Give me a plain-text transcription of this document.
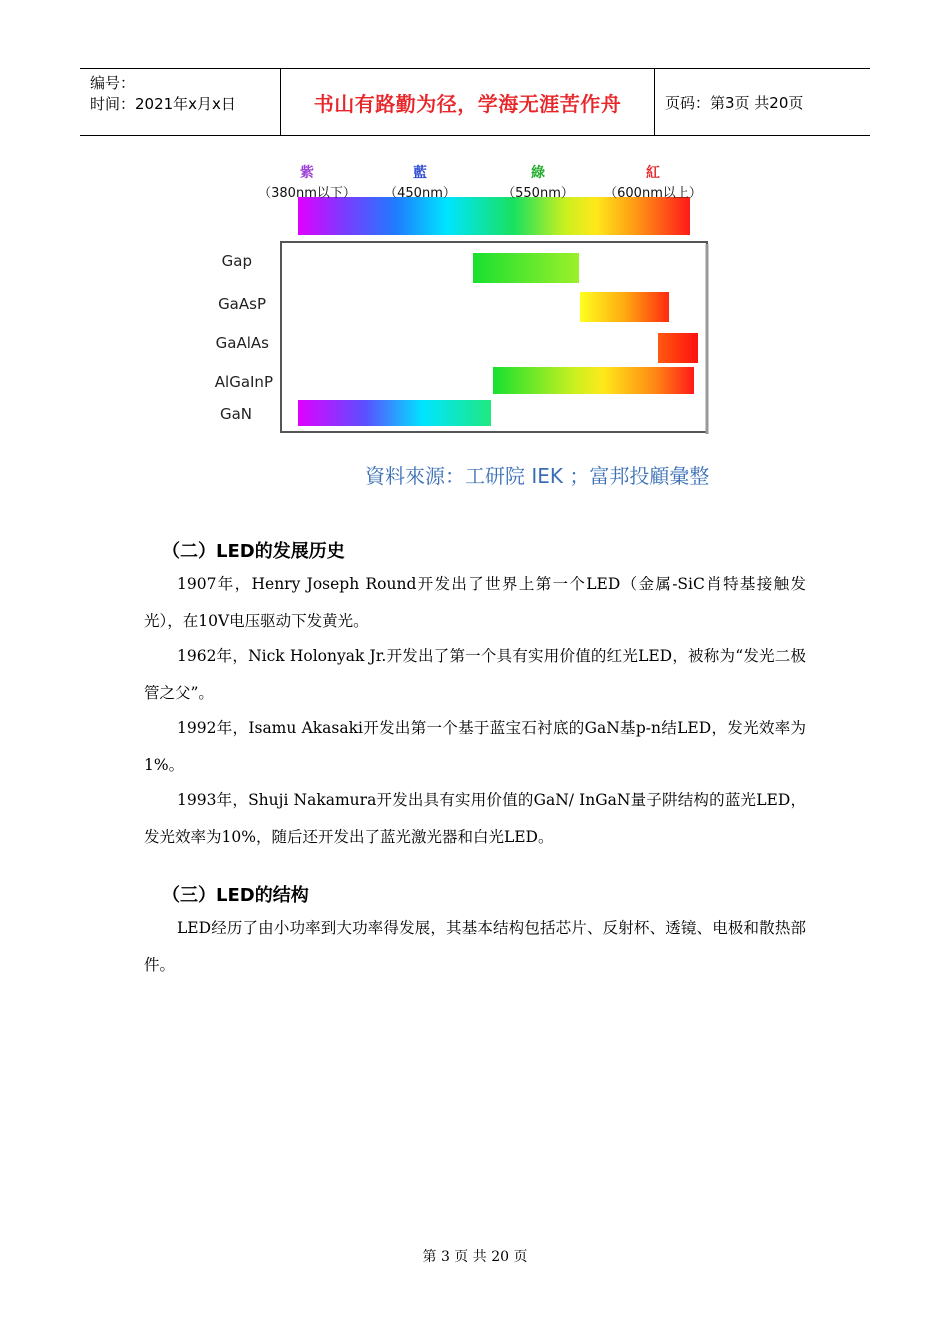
编号：
时间：2021年x月x日	书山有路勤为径，学海无涯苦作舟	页码：第3页 共20页
紫
（380nm以下）
藍
（450nm）
綠
（550nm）
紅
（600nm以上）
Gap
GaAsP
GaAlAs
AlGaInP
GaN
資料來源：工研院 IEK ；富邦投顧彙整
（二）LED的发展历史
1907年，Henry Joseph Round开发出了世界上第一个LED（金属-SiC肖特基接触发光），在10V电压驱动下发黄光。
1962年，Nick Holonyak Jr.开发出了第一个具有实用价值的红光LED，被称为“发光二极管之父”。
1992年，Isamu Akasaki开发出第一个基于蓝宝石衬底的GaN基p-n结LED，发光效率为1%。
1993年，Shuji Nakamura开发出具有实用价值的GaN/ InGaN量子阱结构的蓝光LED，发光效率为10%，随后还开发出了蓝光激光器和白光LED。
（三）LED的结构
LED经历了由小功率到大功率得发展，其基本结构包括芯片、反射杯、透镜、电极和散热部件。
第 3 页 共 20 页
